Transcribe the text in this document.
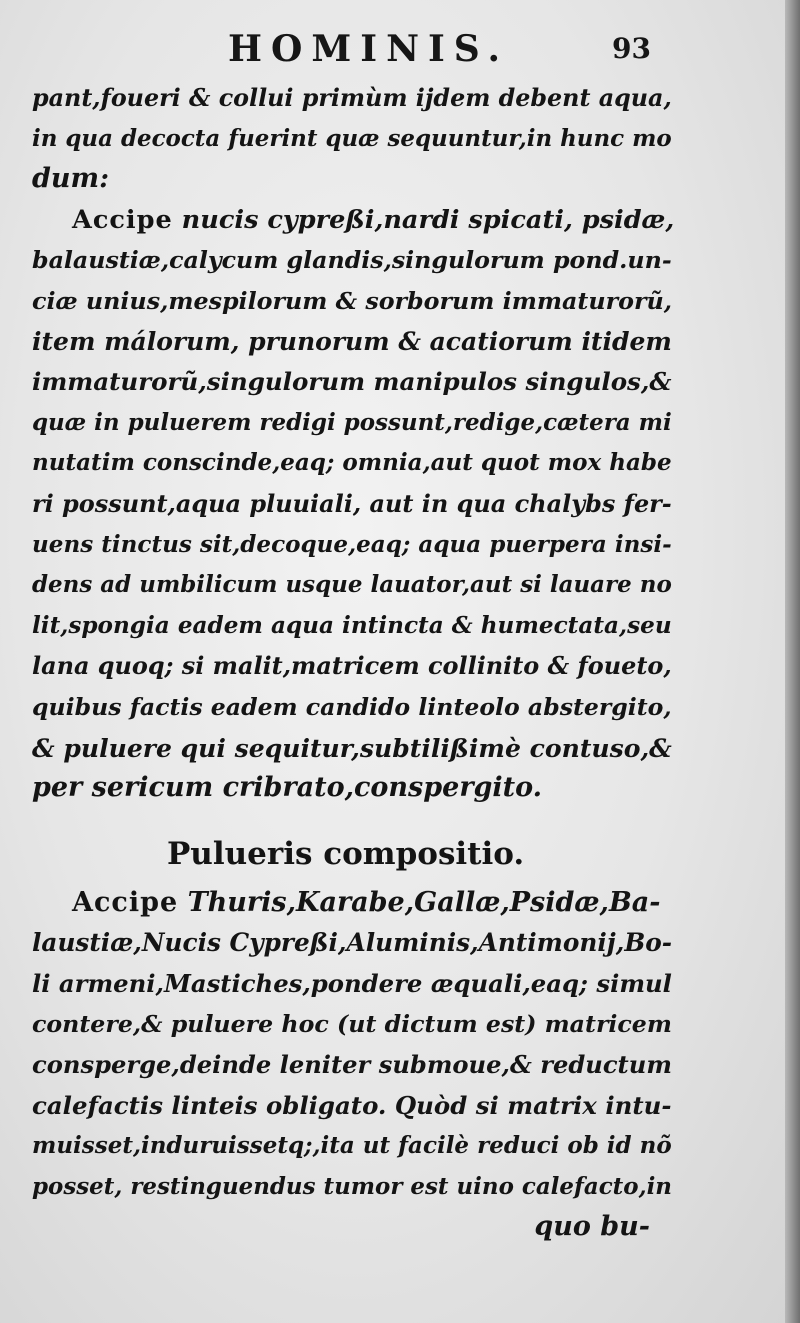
HOMINIS.	93
pant,foueri & collui primùm ijdem debent aqua,
in qua decocta fuerint quæ sequuntur,in hunc mo
dum:
Accipe nucis cypreßi,nardi spicati, psidæ,
balaustiæ,calycum glandis,singulorum pond.un-
ciæ unius,mespilorum & sorborum immaturorũ,
item málorum, prunorum & acatiorum itidem
immaturorũ,singulorum manipulos singulos,&
quæ in puluerem redigi possunt,redige,cætera mi
nutatim conscinde,eaq; omnia,aut quot mox habe
ri possunt,aqua pluuiali, aut in qua chalybs fer-
uens tinctus sit,decoque,eaq; aqua puerpera insi-
dens ad umbilicum usque lauator,aut si lauare no
lit,spongia eadem aqua intincta & humectata,seu
lana quoq; si malit,matricem collinito & foueto,
quibus factis eadem candido linteolo abstergito,
& puluere qui sequitur,subtilißimè contuso,&
per sericum cribrato,conspergito.
Pulueris compositio.
Accipe Thuris,Karabe,Gallæ,Psidæ,Ba-
laustiæ,Nucis Cypreßi,Aluminis,Antimonij,Bo-
li armeni,Mastiches,pondere æquali,eaq; simul
contere,& puluere hoc (ut dictum est) matricem
consperge,deinde leniter submoue,& reductum
calefactis linteis obligato. Quòd si matrix intu-
muisset,induruissetq;,ita ut facilè reduci ob id nõ
posset, restinguendus tumor est uino calefacto,in
quo bu-
